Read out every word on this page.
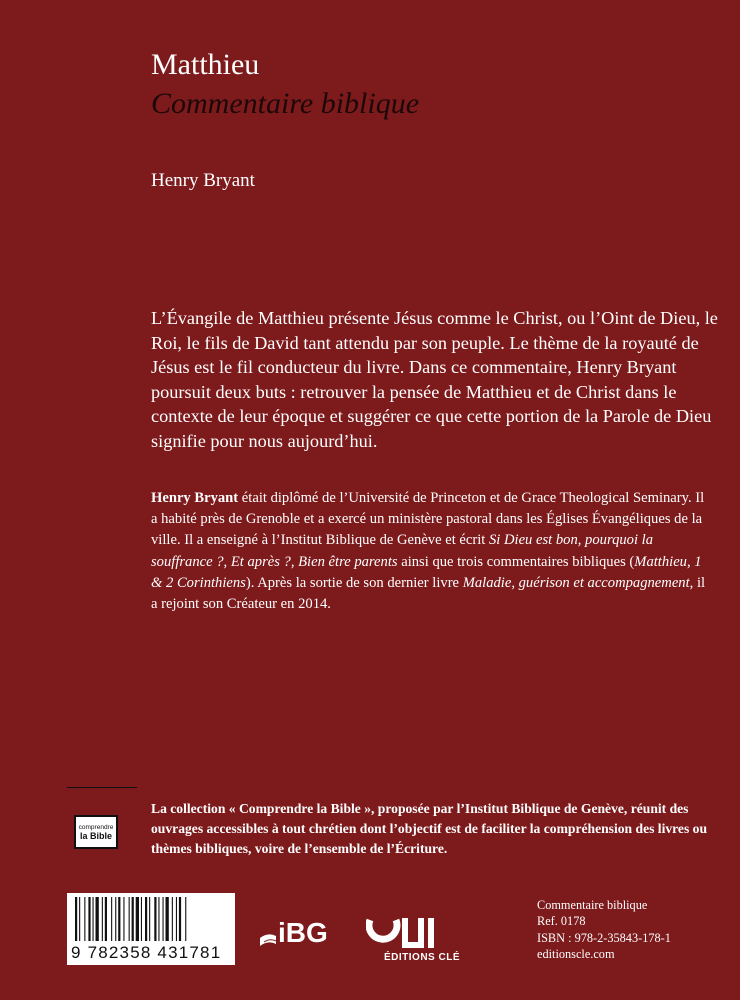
Matthieu
Commentaire biblique
Henry Bryant

L’Évangile de Matthieu présente Jésus comme le Christ, ou l’Oint de Dieu, le Roi, le fils de David tant attendu par son peuple. Le thème de la royauté de Jésus est le fil conducteur du livre. Dans ce commentaire, Henry Bryant poursuit deux buts : retrouver la pensée de Matthieu et de Christ dans le contexte de leur époque et suggérer ce que cette portion de la Parole de Dieu signifie pour nous aujourd’hui.

Henry Bryant était diplômé de l’Université de Princeton et de Grace Theological Seminary. Il a habité près de Grenoble et a exercé un ministère pastoral dans les Églises Évangéliques de la ville. Il a enseigné à l’Institut Biblique de Genève et écrit Si Dieu est bon, pourquoi la souffrance ?, Et après ?, Bien être parents ainsi que trois commentaires bibliques (Matthieu, 1 & 2 Corinthiens). Après la sortie de son dernier livre Maladie, guérison et accompagnement, il a rejoint son Créateur en 2014.

comprendre
la Bible

La collection « Comprendre la Bible », proposée par l’Institut Biblique de Genève, réunit des ouvrages accessibles à tout chrétien dont l’objectif est de faciliter la compréhension des livres ou thèmes bibliques, voire de l’ensemble de l’Écriture.

9 782358 431781
iBG
ÉDITIONS CLÉ
Commentaire biblique
Ref. 0178
ISBN : 978-2-35843-178-1
editionscle.com
